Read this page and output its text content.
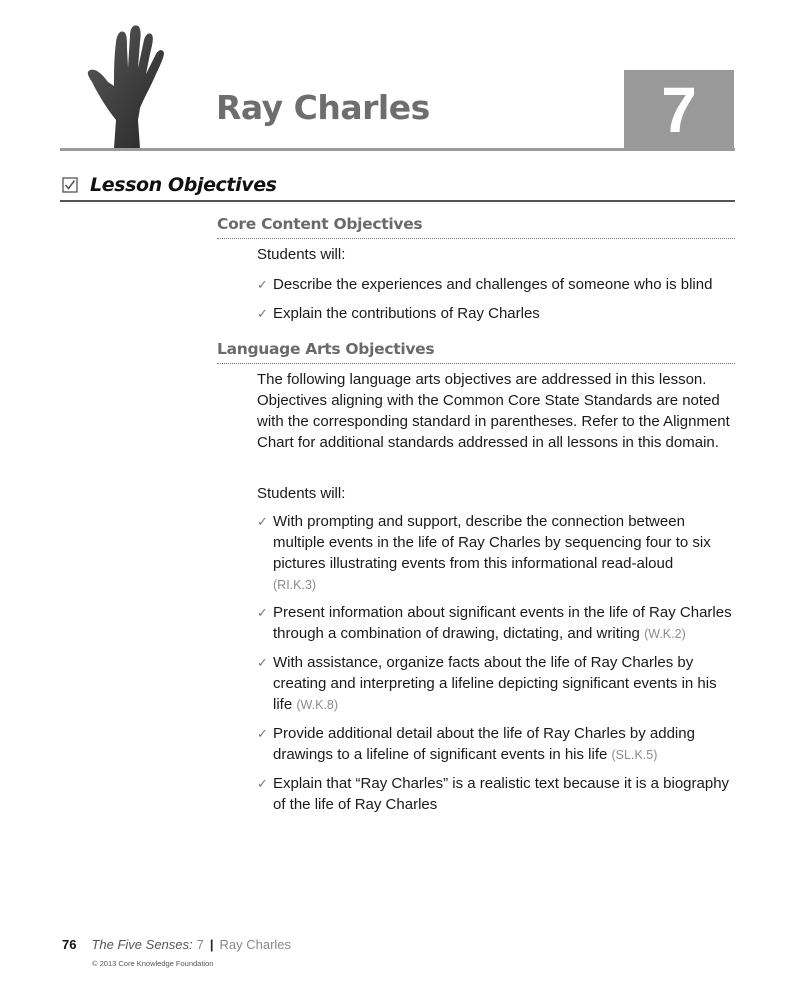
Ray Charles	7
Lesson Objectives
Core Content Objectives
Students will:
✓ Describe the experiences and challenges of someone who is blind
✓ Explain the contributions of Ray Charles
Language Arts Objectives
The following language arts objectives are addressed in this lesson. Objectives aligning with the Common Core State Standards are noted with the corresponding standard in parentheses. Refer to the Alignment Chart for additional standards addressed in all lessons in this domain.
Students will:
✓ With prompting and support, describe the connection between multiple events in the life of Ray Charles by sequencing four to six pictures illustrating events from this informational read-aloud
(RI.K.3)
✓ Present information about significant events in the life of Ray Charles through a combination of drawing, dictating, and writing (W.K.2)
✓ With assistance, organize facts about the life of Ray Charles by creating and interpreting a lifeline depicting significant events in his life (W.K.8)
✓ Provide additional detail about the life of Ray Charles by adding drawings to a lifeline of significant events in his life (SL.K.5)
✓ Explain that “Ray Charles” is a realistic text because it is a biography of the life of Ray Charles
76 The Five Senses: 7 | Ray Charles
© 2013 Core Knowledge Foundation
